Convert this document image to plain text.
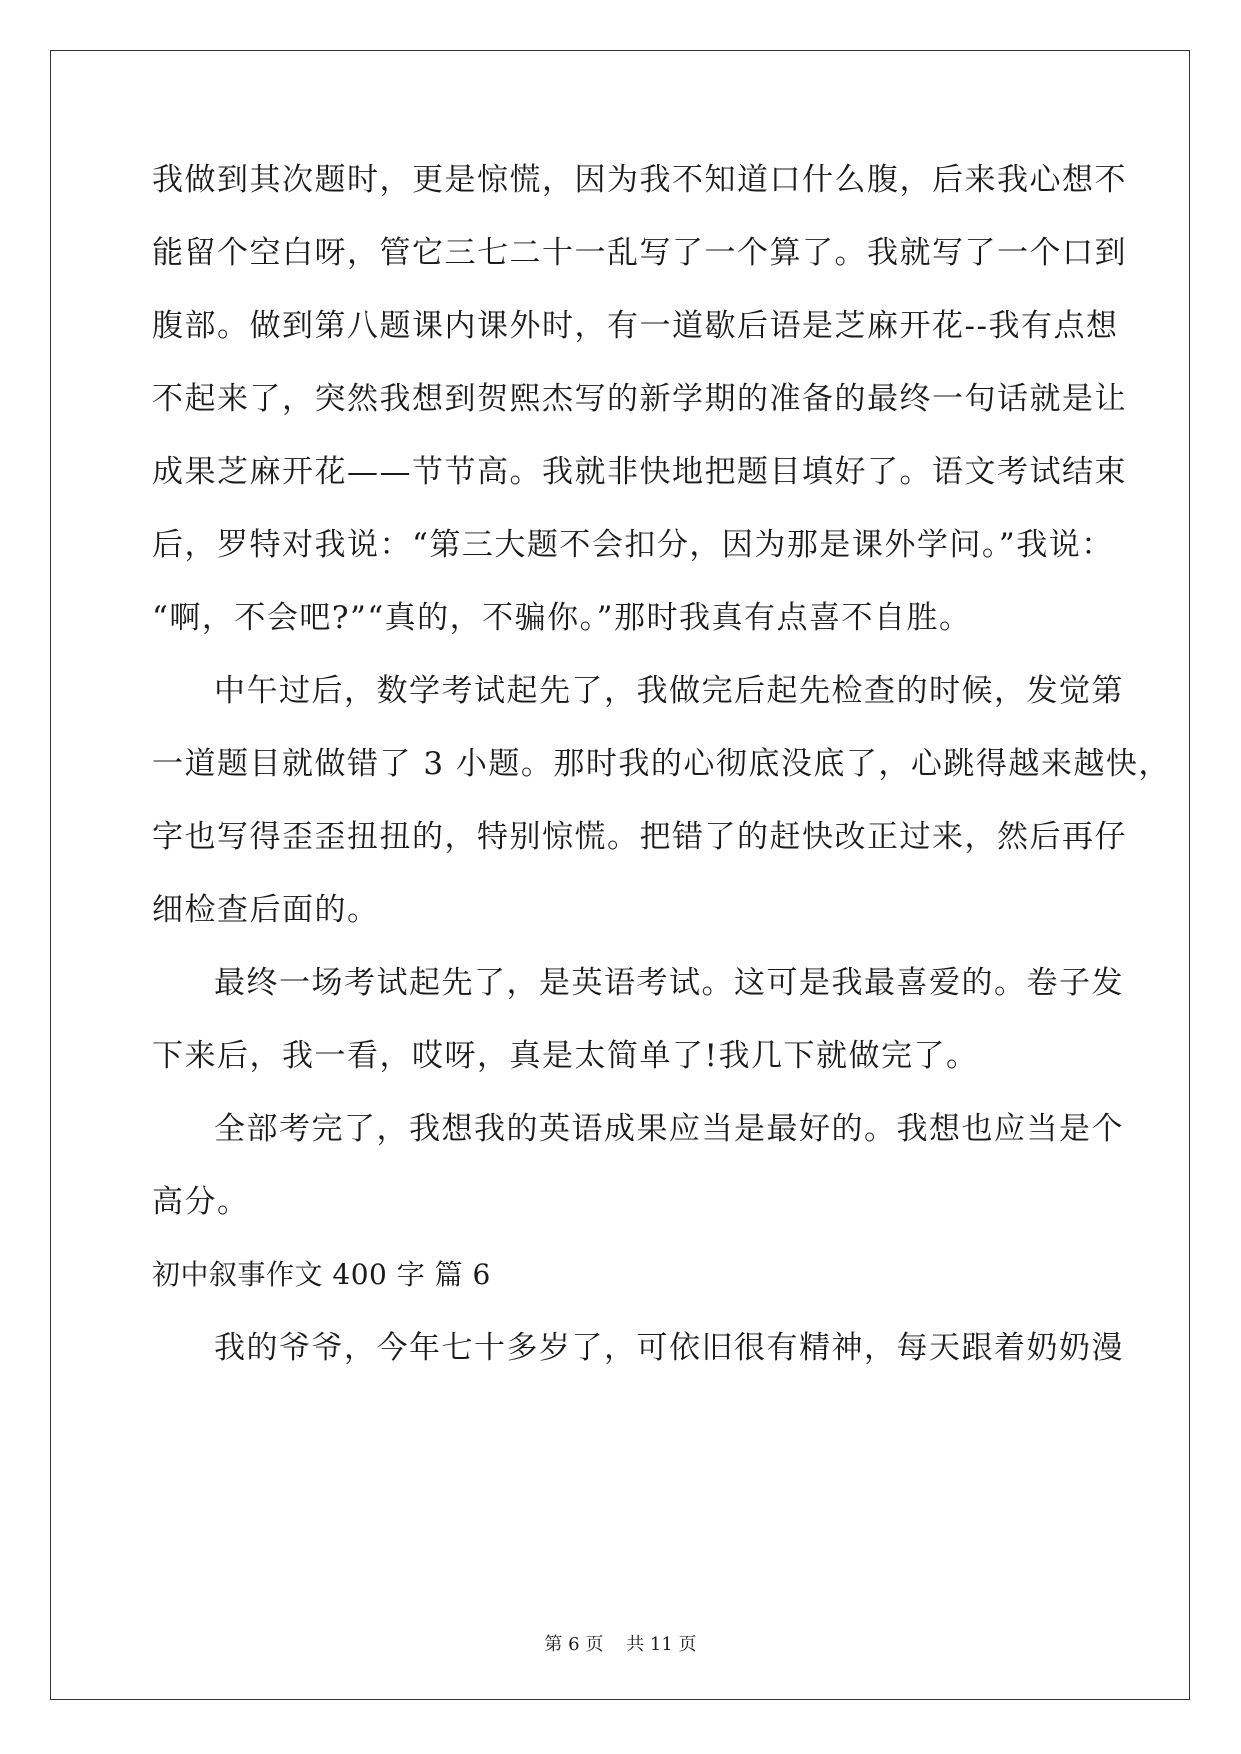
我做到其次题时，更是惊慌，因为我不知道口什么腹，后来我心想不
能留个空白呀，管它三七二十一乱写了一个算了。我就写了一个口到
腹部。做到第八题课内课外时，有一道歇后语是芝麻开花--我有点想
不起来了，突然我想到贺熙杰写的新学期的准备的最终一句话就是让
成果芝麻开花——节节高。我就非快地把题目填好了。语文考试结束
后，罗特对我说：“第三大题不会扣分，因为那是课外学问。”我说：
“啊，不会吧?”“真的，不骗你。”那时我真有点喜不自胜。
中午过后，数学考试起先了，我做完后起先检查的时候，发觉第
一道题目就做错了 3 小题。那时我的心彻底没底了，心跳得越来越快，
字也写得歪歪扭扭的，特别惊慌。把错了的赶快改正过来，然后再仔
细检查后面的。
最终一场考试起先了，是英语考试。这可是我最喜爱的。卷子发
下来后，我一看，哎呀，真是太简单了!我几下就做完了。
全部考完了，我想我的英语成果应当是最好的。我想也应当是个
高分。
初中叙事作文 400 字 篇 6
我的爷爷，今年七十多岁了，可依旧很有精神，每天跟着奶奶漫
第 6 页    共 11 页
